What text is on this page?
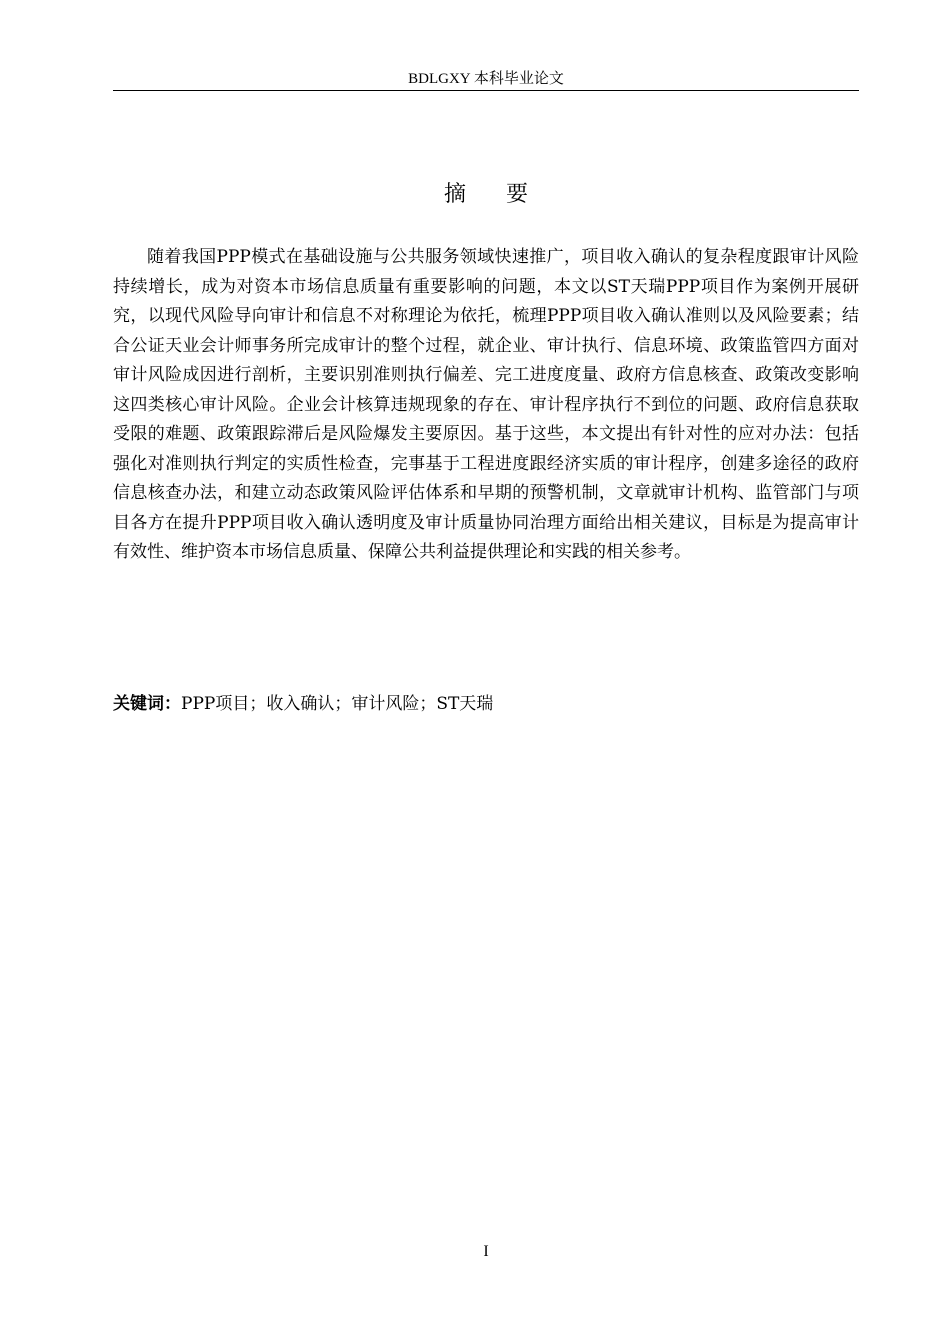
BDLGXY 本科毕业论文
摘要

随着我国PPP模式在基础设施与公共服务领域快速推广，项目收入确认的复杂程度跟审计风险持续增长，成为对资本市场信息质量有重要影响的问题，本文以ST天瑞PPP项目作为案例开展研究，以现代风险导向审计和信息不对称理论为依托，梳理PPP项目收入确认准则以及风险要素；结合公证天业会计师事务所完成审计的整个过程，就企业、审计执行、信息环境、政策监管四方面对审计风险成因进行剖析，主要识别准则执行偏差、完工进度度量、政府方信息核查、政策改变影响这四类核心审计风险。企业会计核算违规现象的存在、审计程序执行不到位的问题、政府信息获取受限的难题、政策跟踪滞后是风险爆发主要原因。基于这些，本文提出有针对性的应对办法：包括强化对准则执行判定的实质性检查，完事基于工程进度跟经济实质的审计程序，创建多途径的政府信息核查办法，和建立动态政策风险评估体系和早期的预警机制，文章就审计机构、监管部门与项目各方在提升PPP项目收入确认透明度及审计质量协同治理方面给出相关建议，目标是为提高审计有效性、维护资本市场信息质量、保障公共利益提供理论和实践的相关参考。

关键词：PPP项目；收入确认；审计风险；ST天瑞
I
